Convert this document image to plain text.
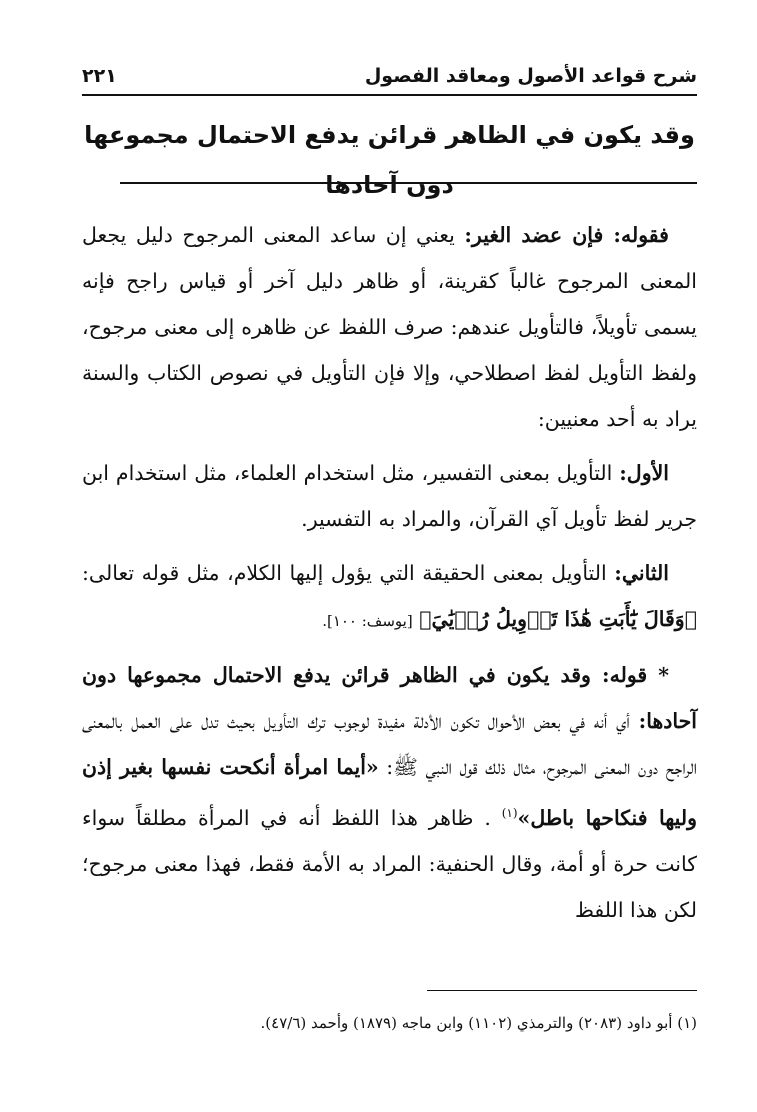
شرح قواعد الأصول ومعاقد الفصول
٢٢١
وقد يكون في الظاهر قرائن يدفع الاحتمال مجموعها دون آحادها

فقوله: فإن عضد الغير: يعني إن ساعد المعنى المرجوح دليل يجعل المعنى المرجوح غالباً كقرينة، أو ظاهر دليل آخر أو قياس راجح فإنه يسمى تأويلاً، فالتأويل عندهم: صرف اللفظ عن ظاهره إلى معنى مرجوح، ولفظ التأويل لفظ اصطلاحي، وإلا فإن التأويل في نصوص الكتاب والسنة يراد به أحد معنيين:

الأول: التأويل بمعنى التفسير، مثل استخدام العلماء، مثل استخدام ابن جرير لفظ تأويل آي القرآن، والمراد به التفسير.

الثاني: التأويل بمعنى الحقيقة التي يؤول إليها الكلام، مثل قوله تعالى: ﴿وَقَالَ يَٰٓأَبَتِ هَٰذَا تَأۡوِيلُ رُءۡيَٰيَ﴾ [يوسف: ١٠٠].

* قوله: وقد يكون في الظاهر قرائن يدفع الاحتمال مجموعها دون آحادها: أي أنه في بعض الأحوال تكون الأدلة مفيدة لوجوب ترك التأويل بحيث تدل على العمل بالمعنى الراجح دون المعنى المرجوح، مثال ذلك قول النبي ﷺ: «أيما امرأة أنكحت نفسها بغير إذن وليها فنكاحها باطل»$^{(١)}$ . ظاهر هذا اللفظ أنه في المرأة مطلقاً سواء كانت حرة أو أمة، وقال الحنفية: المراد به الأمة فقط، فهذا معنى مرجوح؛ لكن هذا اللفظ

(١) أبو داود (٢٠٨٣) والترمذي (١١٠٢) وابن ماجه (١٨٧٩) وأحمد (٤٧/٦).
